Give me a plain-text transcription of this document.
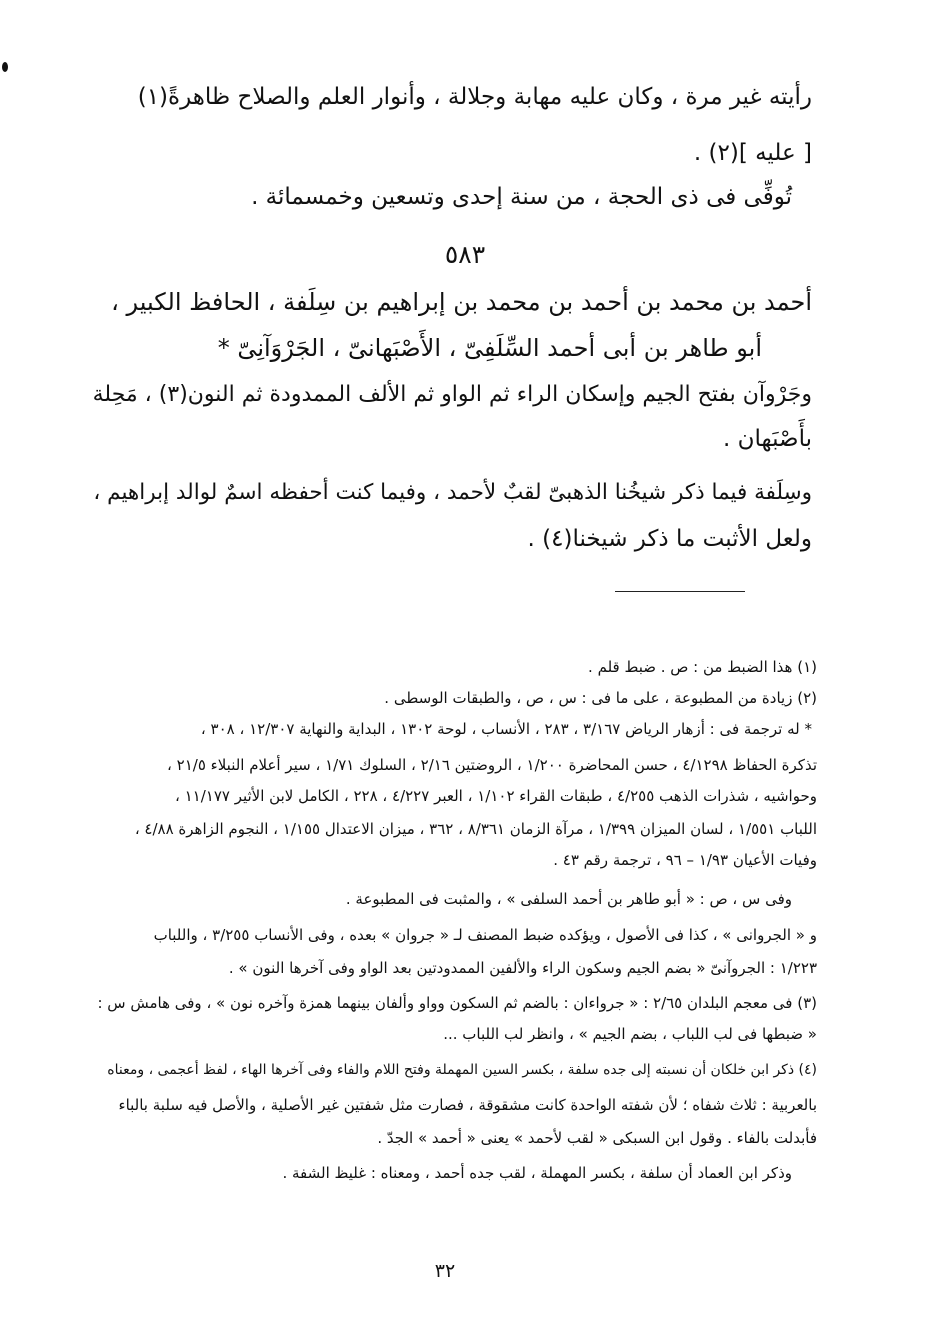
رأيته غير مرة ، وكان عليه مهابة وجلالة ، وأنوار العلم والصلاح ظاهرةً(١)
[ عليه ](٢) .
تُوفِّى فى ذى الحجة ، من سنة إحدى وتسعين وخمسمائة .
٥٨٣
أحمد بن محمد بن أحمد بن محمد بن إبراهيم بن سِلَفة ، الحافظ الكبير ،
أبو طاهر بن أبى أحمد السِّلَفِىّ ، الأَصْبَهانىّ ، الجَرْوَآنِىّ *
وجَرْوآن بفتح الجيم وإسكان الراء ثم الواو ثم الألف الممدودة ثم النون(٣) ، مَحِلة
بأَصْبَهان .
وسِلَفة فيما ذكر شيخُنا الذهبىّ لقبٌ لأحمد ، وفيما كنت أحفظه اسمٌ لوالد إبراهيم ،
ولعل الأثبت ما ذكر شيخنا(٤) .
(١) هذا الضبط من : ص . ضبط قلم .
(٢) زيادة من المطبوعة ، على ما فى : س ، ص ، والطبقات الوسطى .
* له ترجمة فى : أزهار الرياض ٣/١٦٧ ، ٢٨٣ ، الأنساب ، لوحة ١٣٠٢ ، البداية والنهاية ١٢/٣٠٧ ، ٣٠٨ ،
تذكرة الحفاظ ٤/١٢٩٨ ، حسن المحاضرة ١/٢٠٠ ، الروضتين ٢/١٦ ، السلوك ١/٧١ ، سير أعلام النبلاء ٢١/٥ ،
وحواشيه ، شذرات الذهب ٤/٢٥٥ ، طبقات القراء ١/١٠٢ ، العبر ٤/٢٢٧ ، ٢٢٨ ، الكامل لابن الأثير ١١/١٧٧ ،
اللباب ١/٥٥١ ، لسان الميزان ١/٣٩٩ ، مرآة الزمان ٨/٣٦١ ، ٣٦٢ ، ميزان الاعتدال ١/١٥٥ ، النجوم الزاهرة ٤/٨٨ ،
وفيات الأعيان ١/٩٣ – ٩٦ ، ترجمة رقم ٤٣ .
وفى س ، ص : « أبو طاهر بن أحمد السلفى » ، والمثبت فى المطبوعة .
و « الجروانى » ، كذا فى الأصول ، ويؤكده ضبط المصنف لـ « جروان » بعده ، وفى الأنساب ٣/٢٥٥ ، واللباب
١/٢٢٣ : الجروآنىّ « بضم الجيم وسكون الراء والألفين الممدودتين بعد الواو وفى آخرها النون » .
(٣) فى معجم البلدان ٢/٦٥ : « جرواءان : بالضم ثم السكون وواو وألفان بينهما همزة وآخره نون » ، وفى هامش س :
« ضبطها فى لب اللباب ، بضم الجيم » ، وانظر لب اللباب ...
(٤) ذكر ابن خلكان أن نسبته إلى جده سلفة ، بكسر السين المهملة وفتح اللام والفاء وفى آخرها الهاء ، لفظ أعجمى ، ومعناه
بالعربية : ثلاث شفاه ؛ لأن شفته الواحدة كانت مشقوقة ، فصارت مثل شفتين غير الأصلية ، والأصل فيه سلبة بالباء
فأبدلت بالفاء . وقول ابن السبكى « لقب لأحمد » يعنى « أحمد » الجدّ .
وذكر ابن العماد أن سلفة ، بكسر المهملة ، لقب جده أحمد ، ومعناه : غليظ الشفة .
٣٢
